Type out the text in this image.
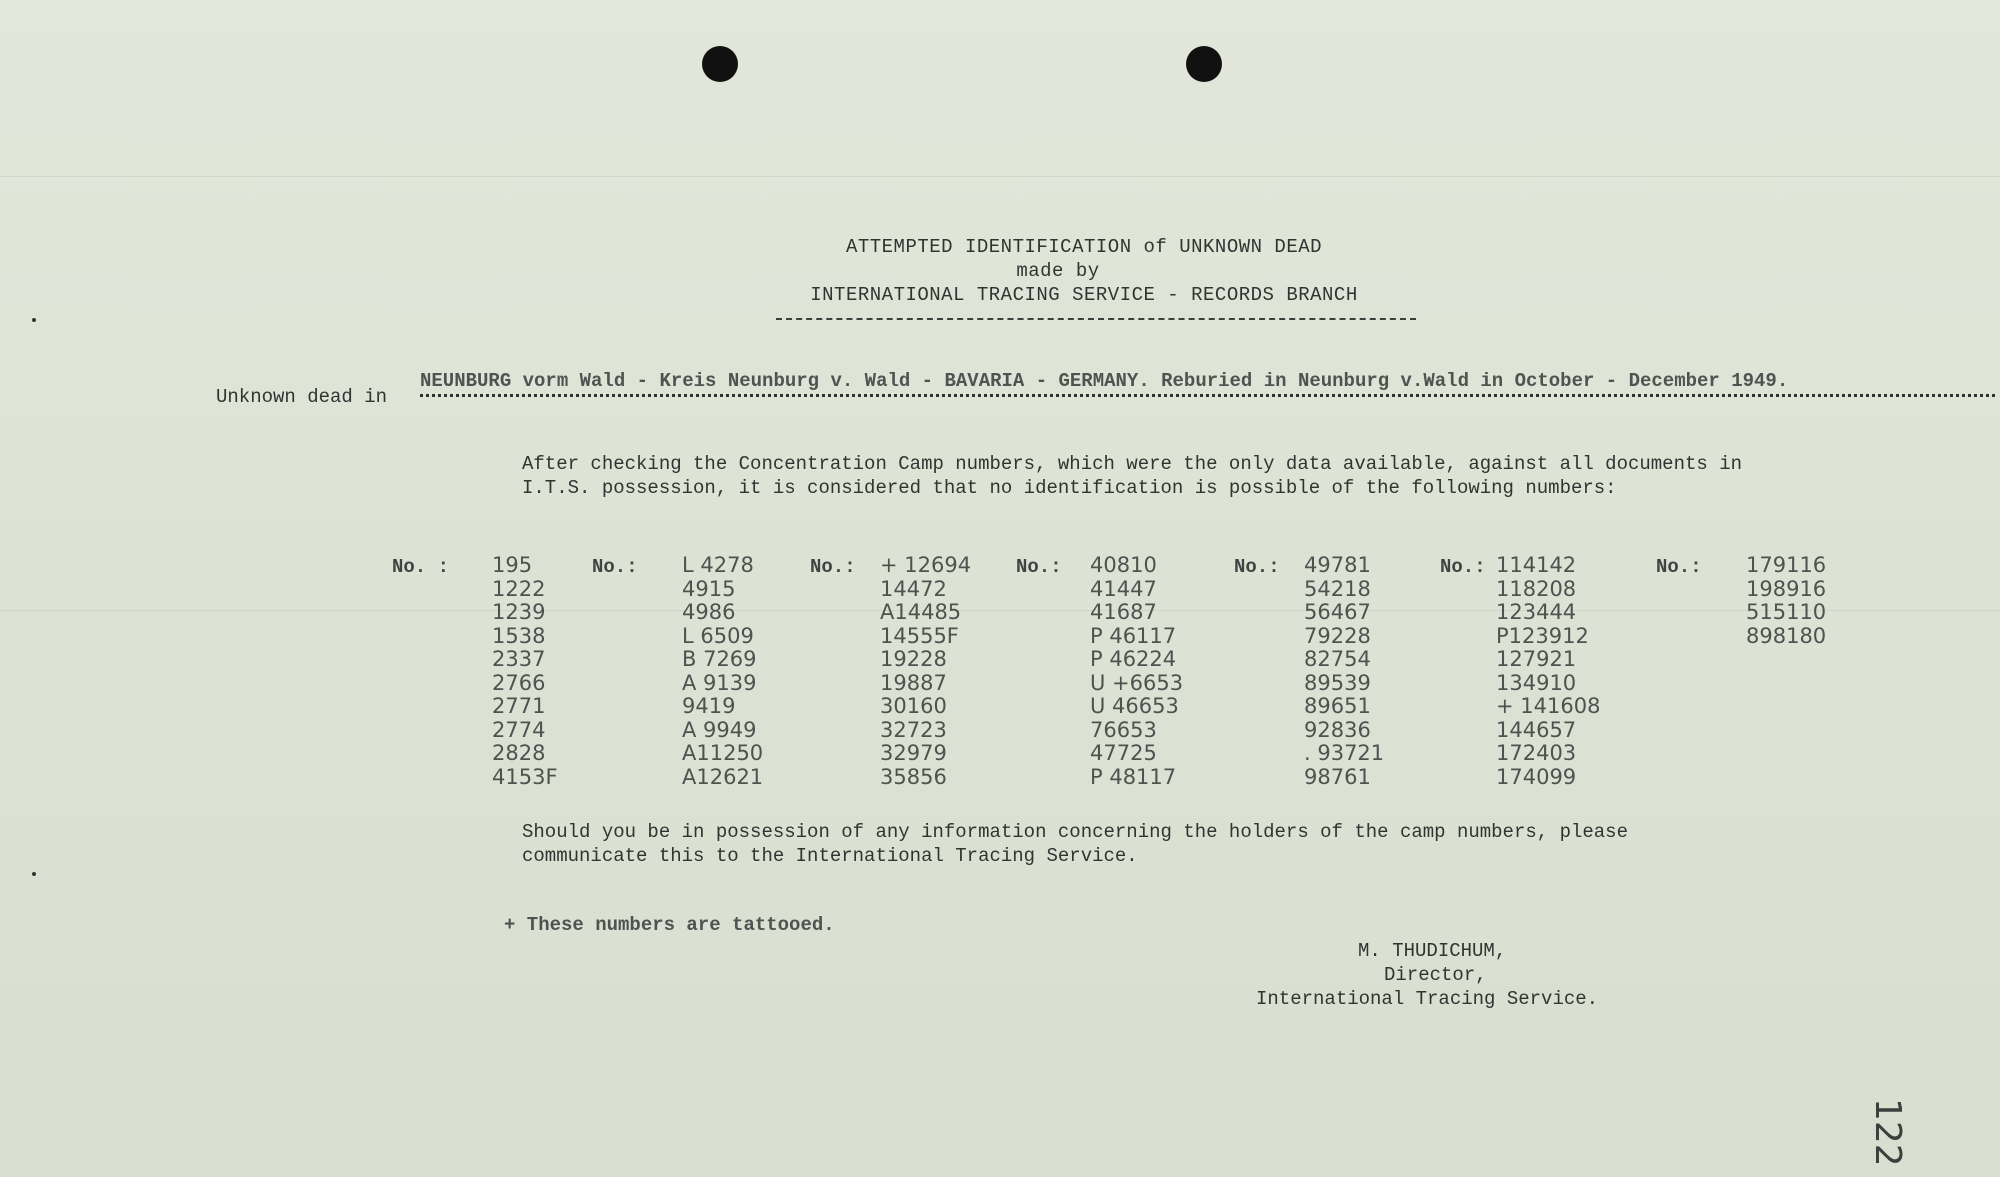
ATTEMPTED IDENTIFICATION of UNKNOWN DEAD
made by
INTERNATIONAL TRACING SERVICE - RECORDS BRANCH
Unknown dead in
NEUNBURG vorm Wald - Kreis Neunburg v. Wald - BAVARIA - GERMANY. Reburied in Neunburg v.Wald in October - December 1949.
After checking the Concentration Camp numbers, which were the only data available, against all documents in I.T.S. possession, it is considered that no identification is possible of the following numbers:
No. : 195
1222
1239
1538
2337
2766
2771
2774
2828
4153F
No.: L 4278
4915
4986
L 6509
B 7269
A 9139
9419
A 9949
A11250
A12621
No.: + 12694
14472
A14485
14555F
19228
19887
30160
32723
32979
35856
No.: 40810
41447
41687
P 46117
P 46224
U +6653
U 46653
76653
47725
P 48117
No.: 49781
54218
56467
79228
82754
89539
89651
92836
. 93721
98761
No.: 114142
118208
123444
P123912
127921
134910
+ 141608
144657
172403
174099
No.: 179116
198916
515110
898180
Should you be in possession of any information concerning the holders of the camp numbers, please communicate this to the International Tracing Service.
+ These numbers are tattooed.
M. THUDICHUM,
Director,
International Tracing Service.
122
